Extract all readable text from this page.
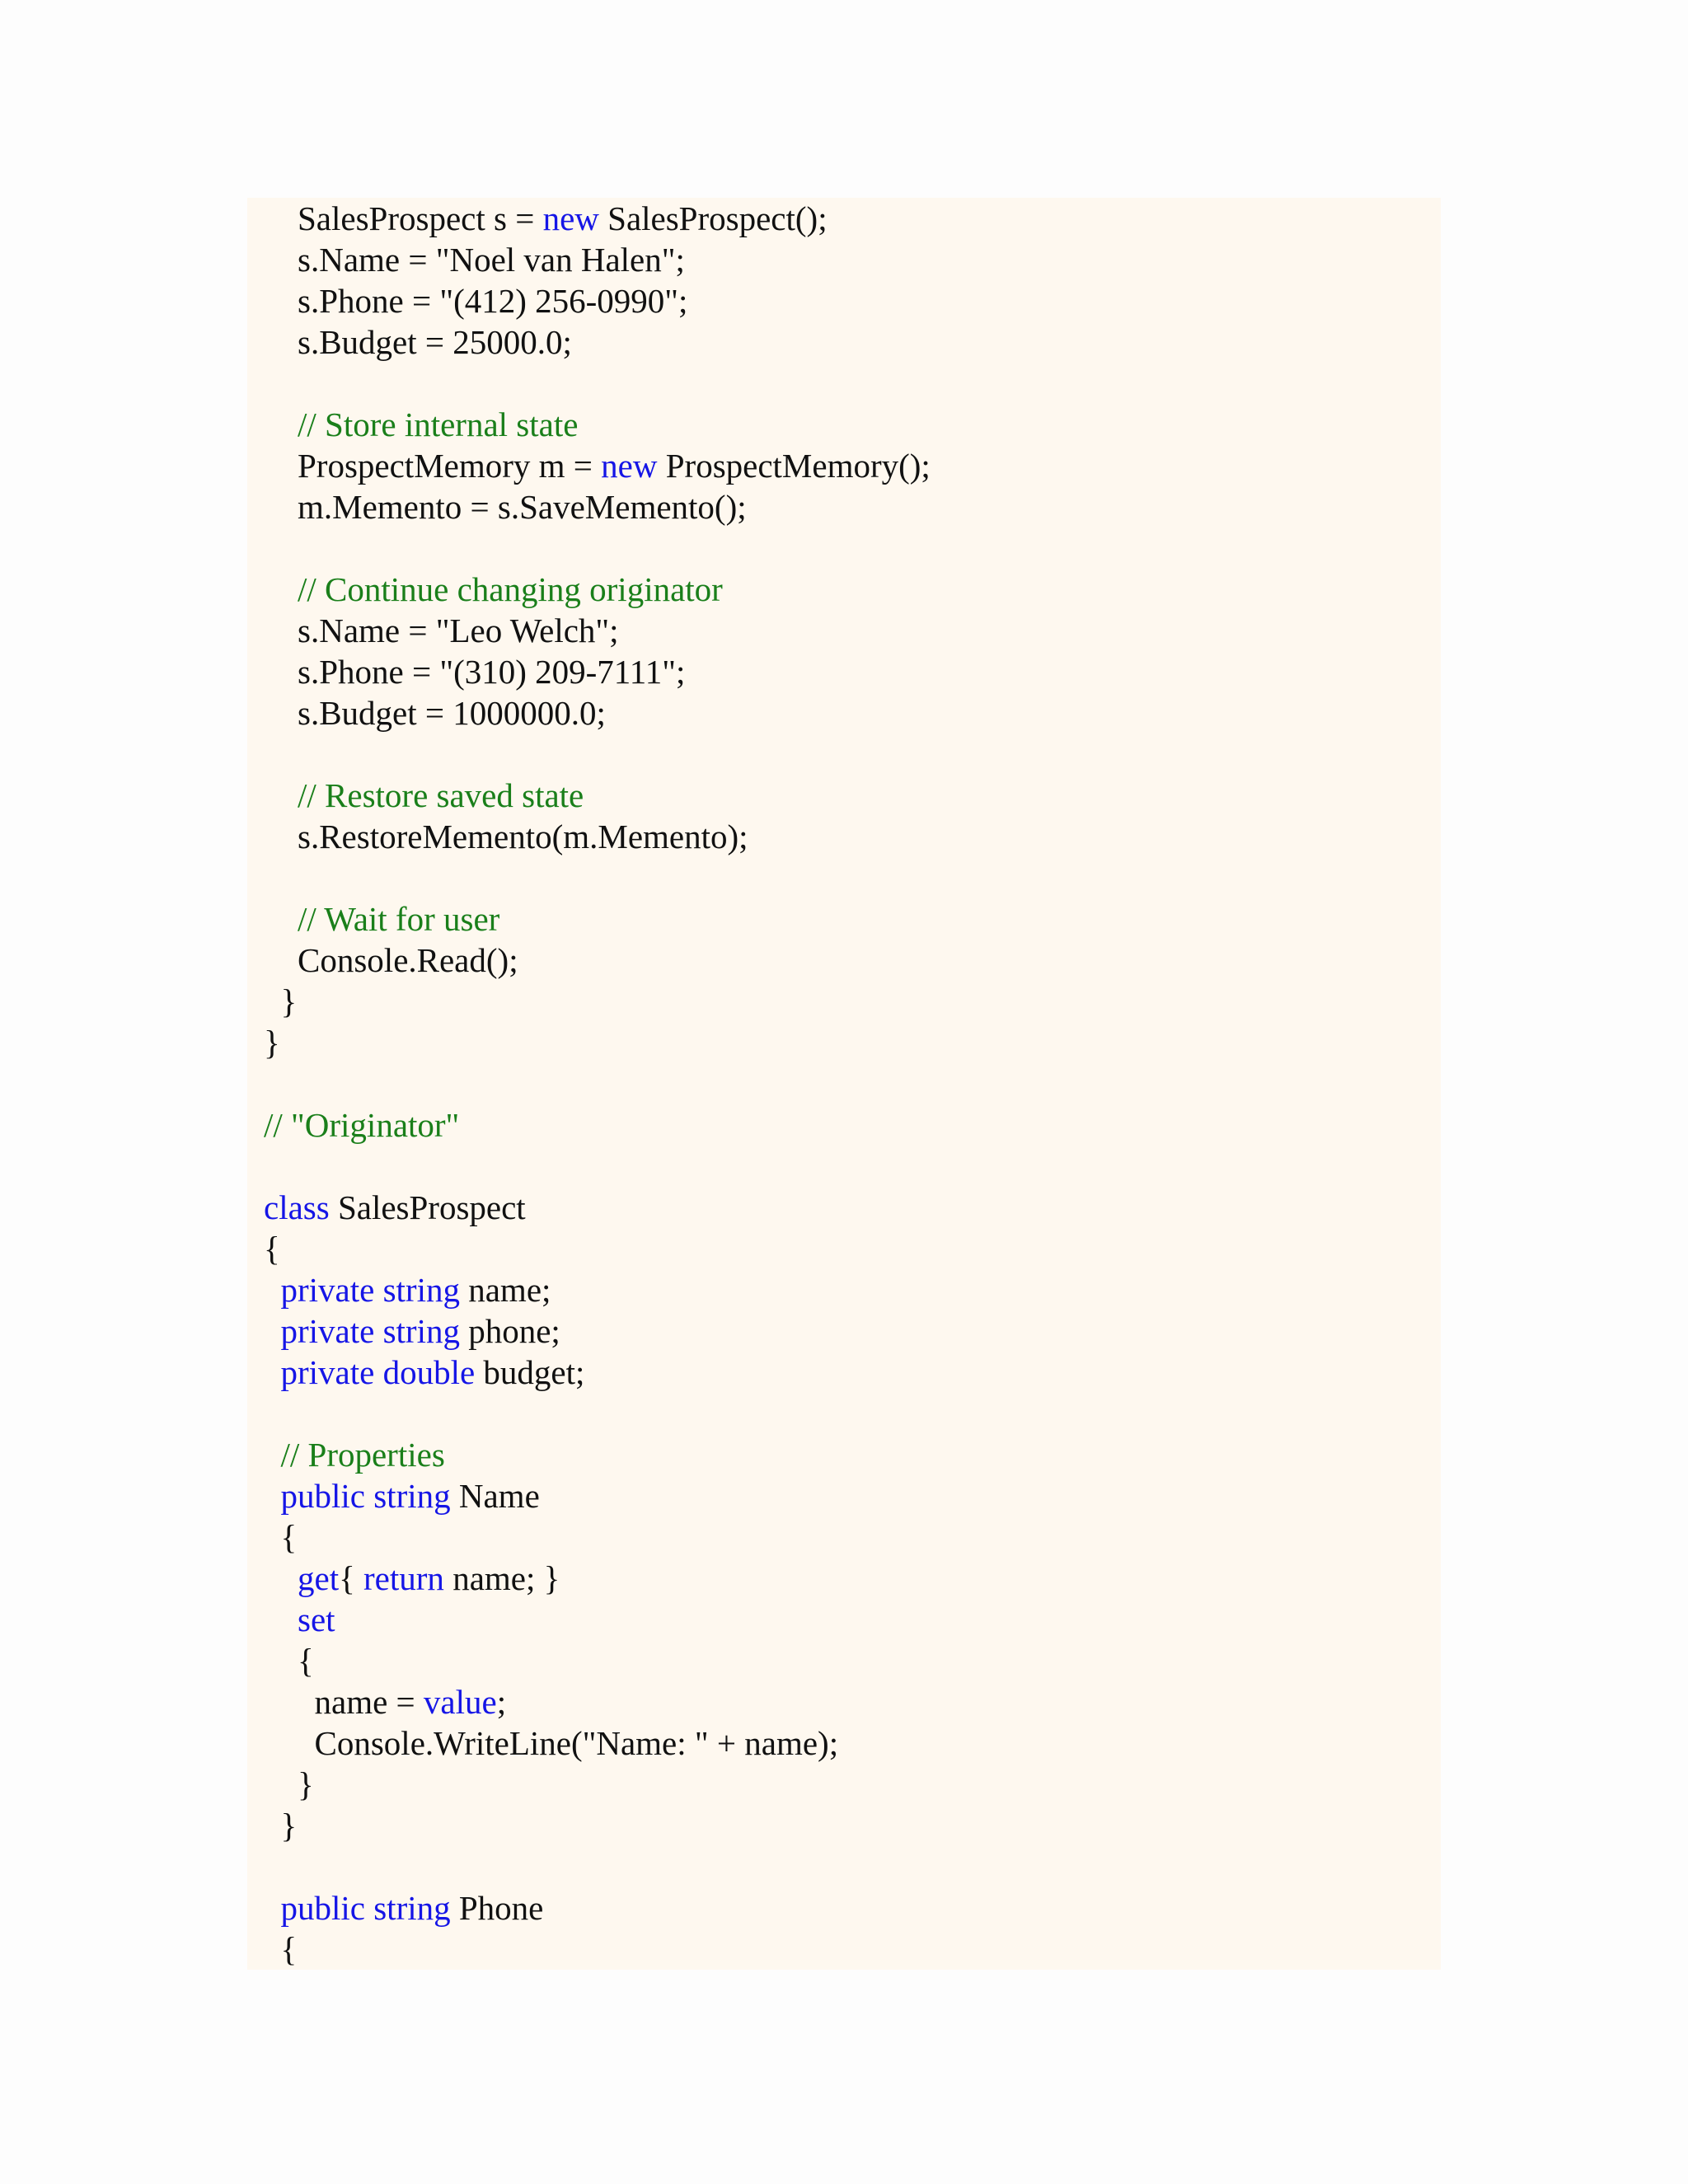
SalesProspect s = new SalesProspect();
s.Name = "Noel van Halen";
s.Phone = "(412) 256-0990";
s.Budget = 25000.0;
// Store internal state
ProspectMemory m = new ProspectMemory();
m.Memento = s.SaveMemento();
// Continue changing originator
s.Name = "Leo Welch";
s.Phone = "(310) 209-7111";
s.Budget = 1000000.0;
// Restore saved state
s.RestoreMemento(m.Memento);
// Wait for user
Console.Read();
}
}
// "Originator"
class SalesProspect
{
private string name;
private string phone;
private double budget;
// Properties
public string Name
{
get{ return name; }
set
{
name = value;
Console.WriteLine("Name: " + name);
}
}
public string Phone
{
